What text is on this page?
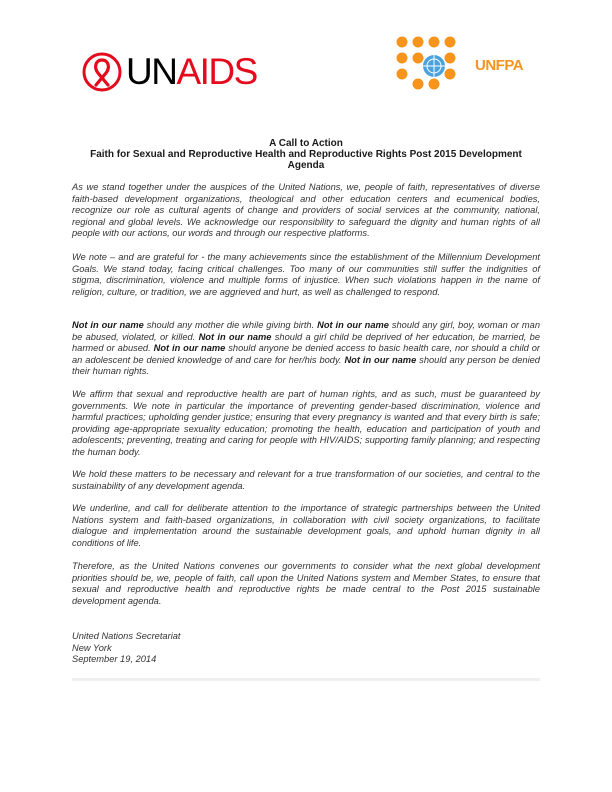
UNAIDS	UNFPA
A Call to Action
Faith for Sexual and Reproductive Health and Reproductive Rights Post 2015 Development
Agenda

As we stand together under the auspices of the United Nations, we, people of faith, representatives of diverse faith-based development organizations, theological and other education centers and ecumenical bodies, recognize our role as cultural agents of change and providers of social services at the community, national, regional and global levels. We acknowledge our responsibility to safeguard the dignity and human rights of all people with our actions, our words and through our respective platforms.

We note – and are grateful for - the many achievements since the establishment of the Millennium Development Goals. We stand today, facing critical challenges. Too many of our communities still suffer the indignities of stigma, discrimination, violence and multiple forms of injustice. When such violations happen in the name of religion, culture, or tradition, we are aggrieved and hurt, as well as challenged to respond.

Not in our name should any mother die while giving birth. Not in our name should any girl, boy, woman or man be abused, violated, or killed. Not in our name should a girl child be deprived of her education, be married, be harmed or abused. Not in our name should anyone be denied access to basic health care, nor should a child or an adolescent be denied knowledge of and care for her/his body. Not in our name should any person be denied their human rights.

We affirm that sexual and reproductive health are part of human rights, and as such, must be guaranteed by governments. We note in particular the importance of preventing gender-based discrimination, violence and harmful practices; upholding gender justice; ensuring that every pregnancy is wanted and that every birth is safe; providing age-appropriate sexuality education; promoting the health, education and participation of youth and adolescents; preventing, treating and caring for people with HIV/AIDS; supporting family planning; and respecting the human body.

We hold these matters to be necessary and relevant for a true transformation of our societies, and central to the sustainability of any development agenda.

We underline, and call for deliberate attention to the importance of strategic partnerships between the United Nations system and faith-based organizations, in collaboration with civil society organizations, to facilitate dialogue and implementation around the sustainable development goals, and uphold human dignity in all conditions of life.

Therefore, as the United Nations convenes our governments to consider what the next global development priorities should be, we, people of faith, call upon the United Nations system and Member States, to ensure that sexual and reproductive health and reproductive rights be made central to the Post 2015 sustainable development agenda.

United Nations Secretariat
New York
September 19, 2014
